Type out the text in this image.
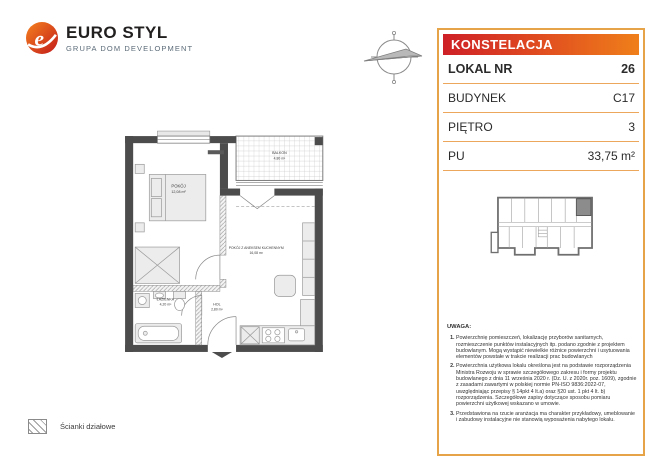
e EURO STYL
GRUPA DOM DEVELOPMENT
POKÓJ
12,08 m²
POKÓJ Z ANEKSEM KUCHENNYM
16,08 m²
ŁAZIENKA
4,20 m²	HOL
2,80 m²
BALKON
4,80 m²
Ścianki działowe
KONSTELACJA
LOKAL NR	26
BUDYNEK	C17
PIĘTRO	3
PU	33,75 m²
UWAGA:
1. Powierzchnię pomieszczeń, lokalizację przyborów sanitarnych, rozmieszczenie punktów instalacyjnych itp. podano zgodnie z projektem budowlanym. Mogą wystąpić niewielkie różnice powierzchni i usytuowania elementów powstałe w trakcie realizacji prac budowlanych
2. Powierzchnia użytkowa lokalu określona jest na podstawie rozporządzenia Ministra Rozwoju w sprawie szczegółowego zakresu i formy projektu budowlanego z dnia 11 września 2020 r. (Dz. U. z 2020r. poz. 1609), zgodnie z zasadami zawartymi w polskiej normie PN-ISO 9836:2022-07, uwzględniając przepisy § 14pkt 4 lt.a) oraz §20 ust. 1 pkt 4 lt. b) rozporządzenia. Szczegółowe zapisy dotyczące sposobu pomiaru powierzchni użytkowej wskazano w umowie.
3. Przedstawiona na rzucie aranżacja ma charakter przykładowy, umeblowanie i zabudowy instalacyjne nie stanowią wyposażenia nabytego lokalu.
